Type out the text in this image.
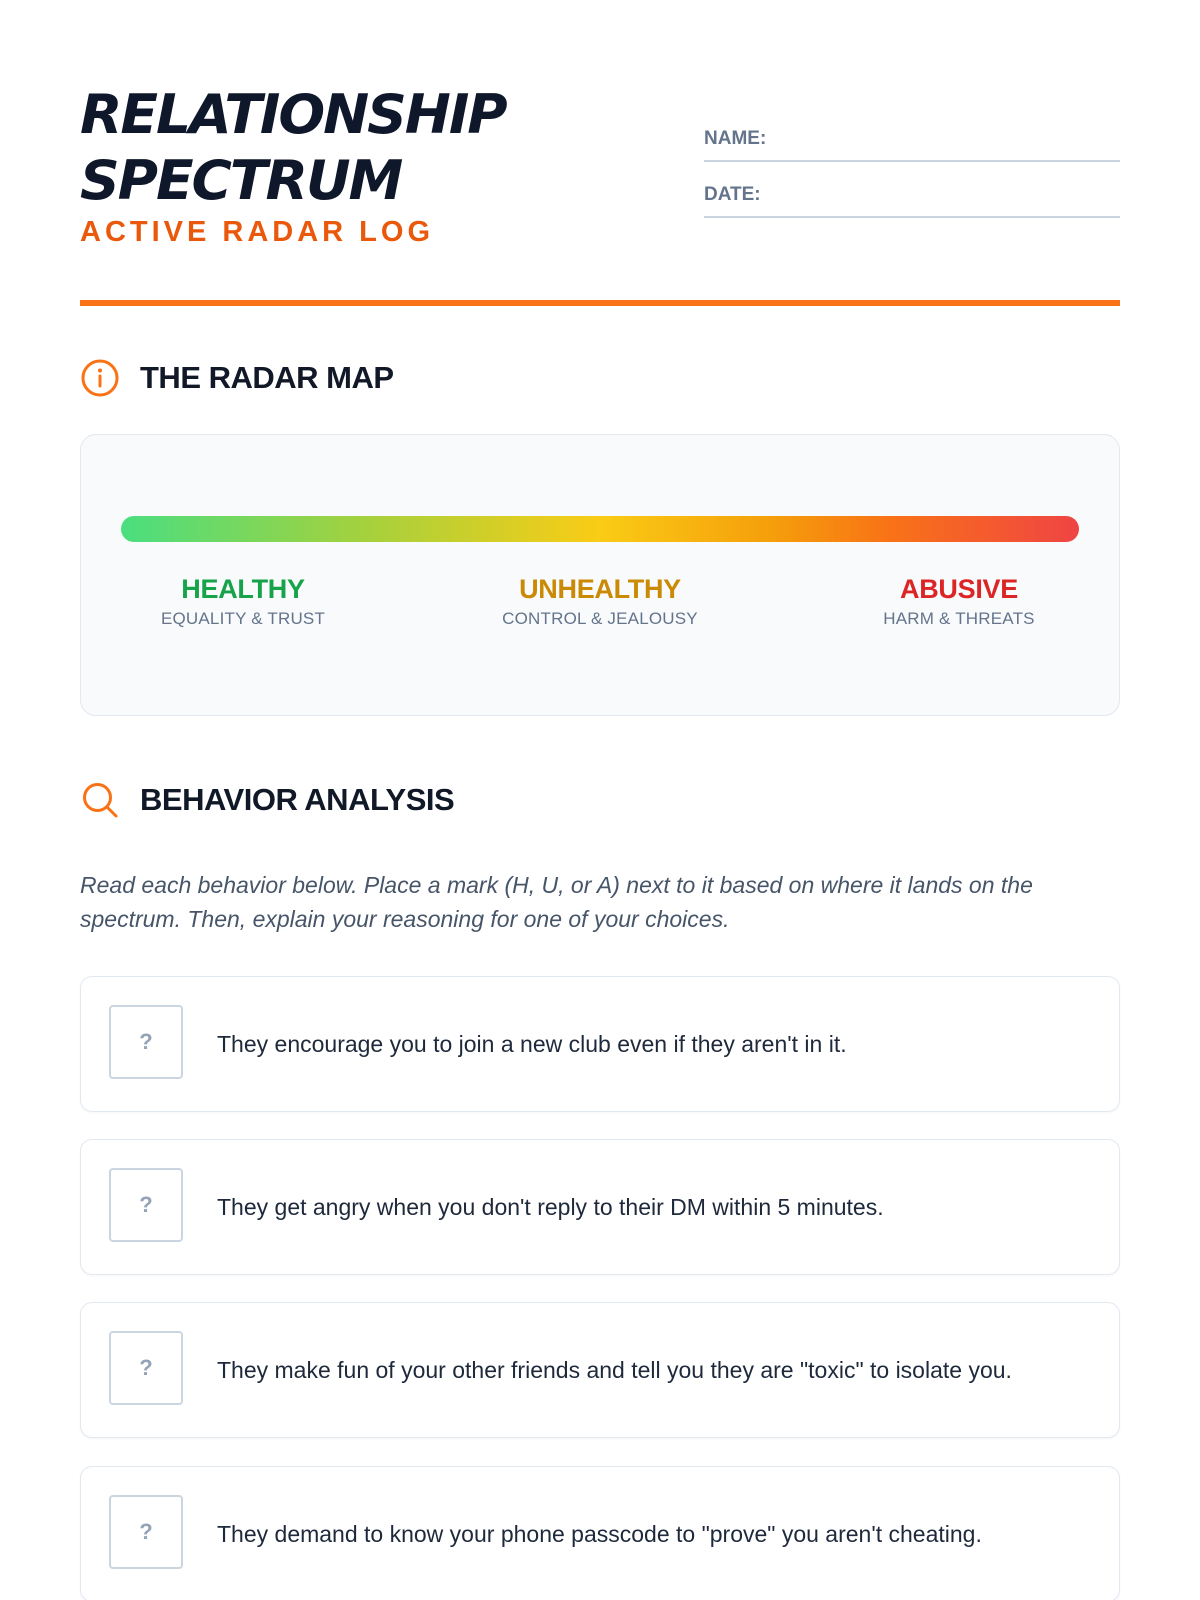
RELATIONSHIP
SPECTRUM
ACTIVE RADAR LOG
NAME:
DATE:
THE RADAR MAP
HEALTHY
EQUALITY & TRUST
UNHEALTHY
CONTROL & JEALOUSY
ABUSIVE
HARM & THREATS
BEHAVIOR ANALYSIS

Read each behavior below. Place a mark (H, U, or A) next to it based on where it lands on the spectrum. Then, explain your reasoning for one of your choices.

?	They encourage you to join a new club even if they aren't in it.
?	They get angry when you don't reply to their DM within 5 minutes.
?	They make fun of your other friends and tell you they are "toxic" to isolate you.
?	They demand to know your phone passcode to "prove" you aren't cheating.
